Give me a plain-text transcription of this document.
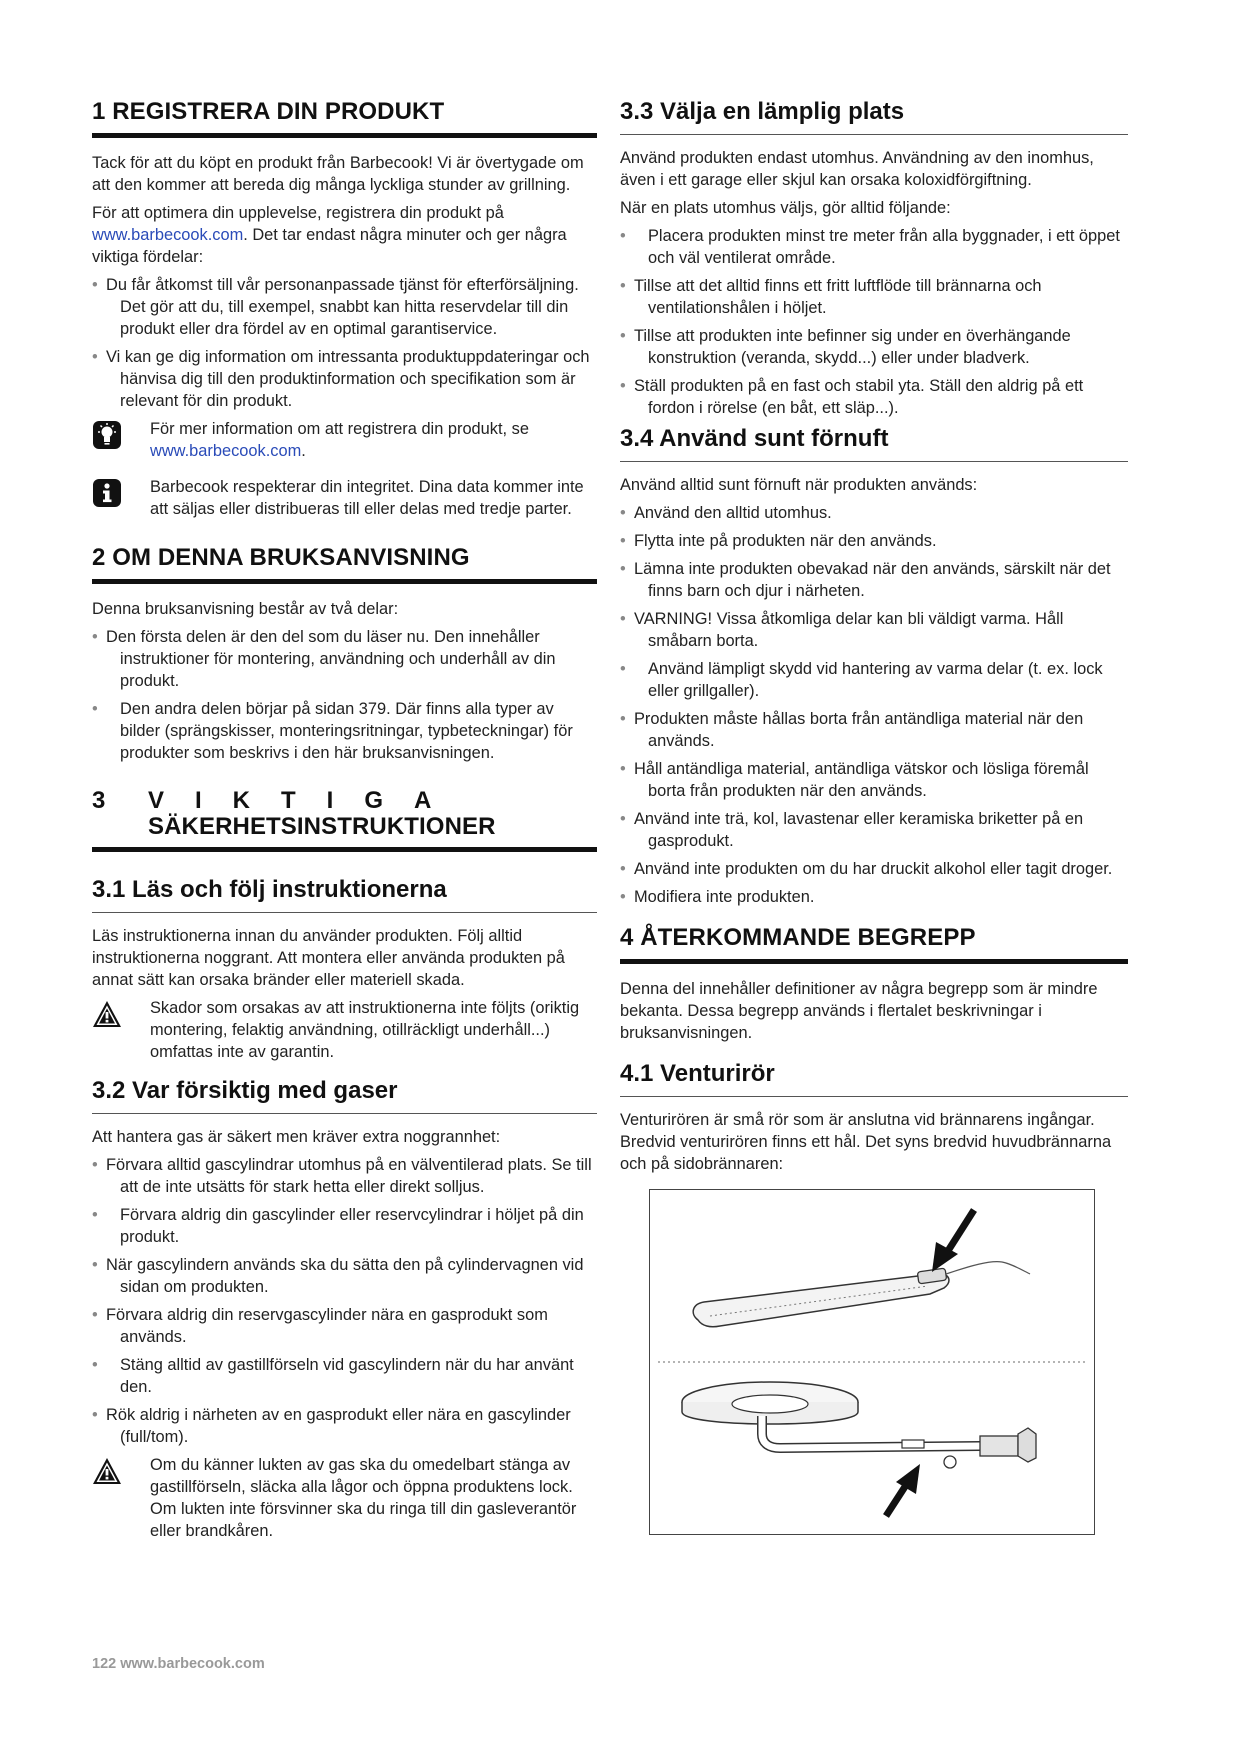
1 REGISTRERA DIN PRODUKT

Tack för att du köpt en produkt från Barbecook! Vi är övertygade om att den kommer att bereda dig många lyckliga stunder av grillning.

För att optimera din upplevelse, registrera din produkt på www.barbecook.com. Det tar endast några minuter och ger några viktiga fördelar:

• Du får åtkomst till vår personanpassade tjänst för efterförsäljning. Det gör att du, till exempel, snabbt kan hitta reservdelar till din produkt eller dra fördel av en optimal garantiservice.
• Vi kan ge dig information om intressanta produktuppdateringar och hänvisa dig till den produktinformation och specifikation som är relevant för din produkt.

För mer information om att registrera din produkt, se www.barbecook.com.

Barbecook respekterar din integritet. Dina data kommer inte att säljas eller distribueras till eller delas med tredje parter.

2 OM DENNA BRUKSANVISNING

Denna bruksanvisning består av två delar:

• Den första delen är den del som du läser nu. Den innehåller instruktioner för montering, användning och underhåll av din produkt.
• Den andra delen börjar på sidan 379. Där finns alla typer av bilder (sprängskisser, monteringsritningar, typbeteckningar) för produkter som beskrivs i den här bruksanvisningen.
3 VIKTIGA
SÄKERHETSINSTRUKTIONER
3.1 Läs och följ instruktionerna

Läs instruktionerna innan du använder produkten. Följ alltid instruktionerna noggrant. Att montera eller använda produkten på annat sätt kan orsaka bränder eller materiell skada.

Skador som orsakas av att instruktionerna inte följts (oriktig montering, felaktig användning, otillräckligt underhåll...) omfattas inte av garantin.

3.2 Var försiktig med gaser

Att hantera gas är säkert men kräver extra noggrannhet:

• Förvara alltid gascylindrar utomhus på en välventilerad plats. Se till att de inte utsätts för stark hetta eller direkt solljus.
• Förvara aldrig din gascylinder eller reservcylindrar i höljet på din produkt.
• När gascylindern används ska du sätta den på cylindervagnen vid sidan om produkten.
• Förvara aldrig din reservgascylinder nära en gasprodukt som används.
• Stäng alltid av gastillförseln vid gascylindern när du har använt den.
• Rök aldrig i närheten av en gasprodukt eller nära en gascylinder (full/tom).

Om du känner lukten av gas ska du omedelbart stänga av gastillförseln, släcka alla lågor och öppna produktens lock. Om lukten inte försvinner ska du ringa till din gasleverantör eller brandkåren.

3.3 Välja en lämplig plats

Använd produkten endast utomhus. Användning av den inomhus, även i ett garage eller skjul kan orsaka koloxidförgiftning.

När en plats utomhus väljs, gör alltid följande:

• Placera produkten minst tre meter från alla byggnader, i ett öppet och väl ventilerat område.
• Tillse att det alltid finns ett fritt luftflöde till brännarna och ventilationshålen i höljet.
• Tillse att produkten inte befinner sig under en överhängande konstruktion (veranda, skydd...) eller under bladverk.
• Ställ produkten på en fast och stabil yta. Ställ den aldrig på ett fordon i rörelse (en båt, ett släp...).
3.4 Använd sunt förnuft

Använd alltid sunt förnuft när produkten används:

• Använd den alltid utomhus.
• Flytta inte på produkten när den används.
• Lämna inte produkten obevakad när den används, särskilt när det finns barn och djur i närheten.
• VARNING! Vissa åtkomliga delar kan bli väldigt varma. Håll småbarn borta.
• Använd lämpligt skydd vid hantering av varma delar (t. ex. lock eller grillgaller).
• Produkten måste hållas borta från antändliga material när den används.
• Håll antändliga material, antändliga vätskor och lösliga föremål borta från produkten när den används.
• Använd inte trä, kol, lavastenar eller keramiska briketter på en gasprodukt.
• Använd inte produkten om du har druckit alkohol eller tagit droger.
• Modifiera inte produkten.
4 ÅTERKOMMANDE BEGREPP

Denna del innehåller definitioner av några begrepp som är mindre bekanta. Dessa begrepp används i flertalet beskrivningar i bruksanvisningen.

4.1 Venturirör

Venturirören är små rör som är anslutna vid brännarens ingångar. Bredvid venturirören finns ett hål. Det syns bredvid huvudbrännarna och på sidobrännaren:

122 www.barbecook.com
